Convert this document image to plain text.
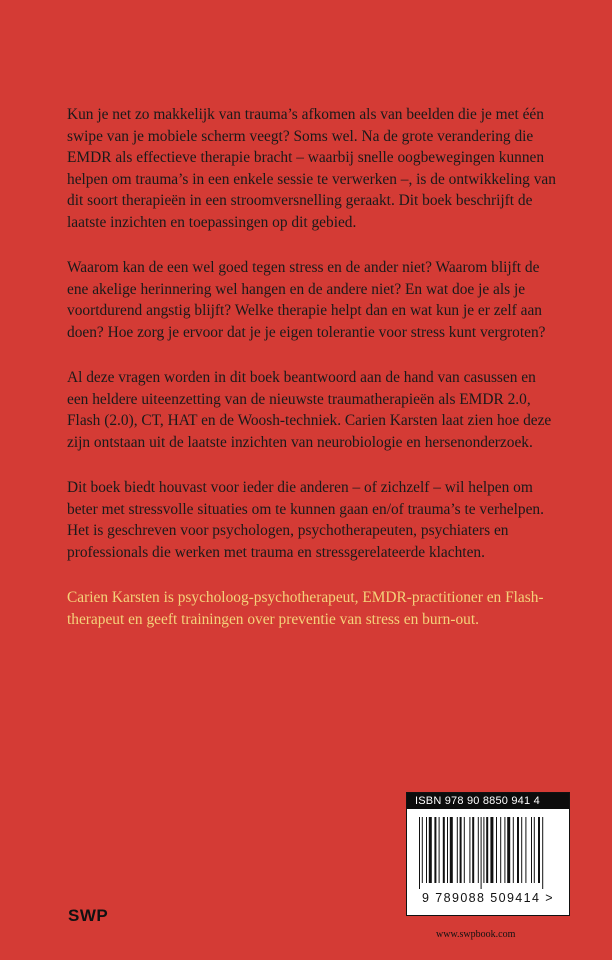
Kun je net zo makkelijk van trauma’s afkomen als van beelden die je met één swipe van je mobiele scherm veegt? Soms wel. Na de grote verandering die EMDR als effectieve therapie bracht – waarbij snelle oogbewegingen kunnen helpen om trauma’s in een enkele sessie te verwerken –, is de ontwikkeling van dit soort therapieën in een stroomversnelling geraakt. Dit boek beschrijft de laatste inzichten en toepassingen op dit gebied.

Waarom kan de een wel goed tegen stress en de ander niet? Waarom blijft de ene akelige herinnering wel hangen en de andere niet? En wat doe je als je voortdurend angstig blijft? Welke therapie helpt dan en wat kun je er zelf aan doen? Hoe zorg je ervoor dat je je eigen tolerantie voor stress kunt vergroten?

Al deze vragen worden in dit boek beantwoord aan de hand van casussen en een heldere uiteenzetting van de nieuwste traumatherapieën als EMDR 2.0, Flash (2.0), CT, HAT en de Woosh-techniek. Carien Karsten laat zien hoe deze zijn ontstaan uit de laatste inzichten van neurobiologie en hersenonderzoek.

Dit boek biedt houvast voor ieder die anderen – of zichzelf – wil helpen om beter met stressvolle situaties om te kunnen gaan en/of trauma’s te verhelpen. Het is geschreven voor psychologen, psychotherapeuten, psychiaters en professionals die werken met trauma en stressgerelateerde klachten.

Carien Karsten is psycholoog-psychotherapeut, EMDR-practitioner en Flash-therapeut en geeft trainingen over preventie van stress en burn-out.

ISBN 978 90 8850 941 4
9 789088 509414 >
SWP
www.swpbook.com
